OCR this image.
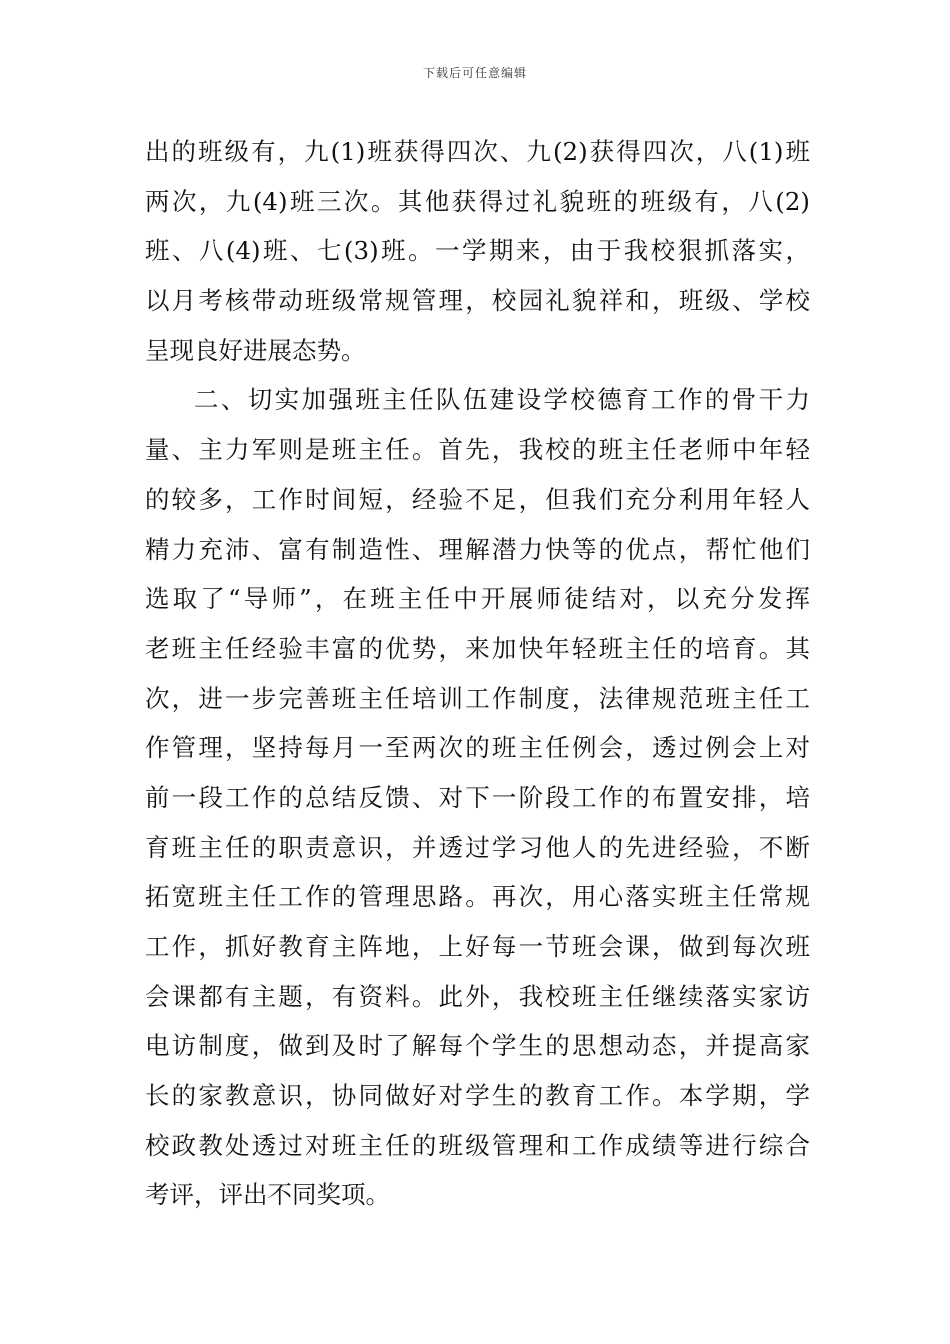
下载后可任意编辑
出的班级有，九(1)班获得四次、九(2)获得四次，八(1)班
两次，九(4)班三次。其他获得过礼貌班的班级有，八(2)
班、八(4)班、七(3)班。一学期来，由于我校狠抓落实，
以月考核带动班级常规管理，校园礼貌祥和，班级、学校
呈现良好进展态势。
二、切实加强班主任队伍建设学校德育工作的骨干力
量、主力军则是班主任。首先，我校的班主任老师中年轻
的较多，工作时间短，经验不足，但我们充分利用年轻人
精力充沛、富有制造性、理解潜力快等的优点，帮忙他们
选取了“导师”，在班主任中开展师徒结对，以充分发挥
老班主任经验丰富的优势，来加快年轻班主任的培育。其
次，进一步完善班主任培训工作制度，法律规范班主任工
作管理，坚持每月一至两次的班主任例会，透过例会上对
前一段工作的总结反馈、对下一阶段工作的布置安排，培
育班主任的职责意识，并透过学习他人的先进经验，不断
拓宽班主任工作的管理思路。再次，用心落实班主任常规
工作，抓好教育主阵地，上好每一节班会课，做到每次班
会课都有主题，有资料。此外，我校班主任继续落实家访
电访制度，做到及时了解每个学生的思想动态，并提高家
长的家教意识，协同做好对学生的教育工作。本学期，学
校政教处透过对班主任的班级管理和工作成绩等进行综合
考评，评出不同奖项。
